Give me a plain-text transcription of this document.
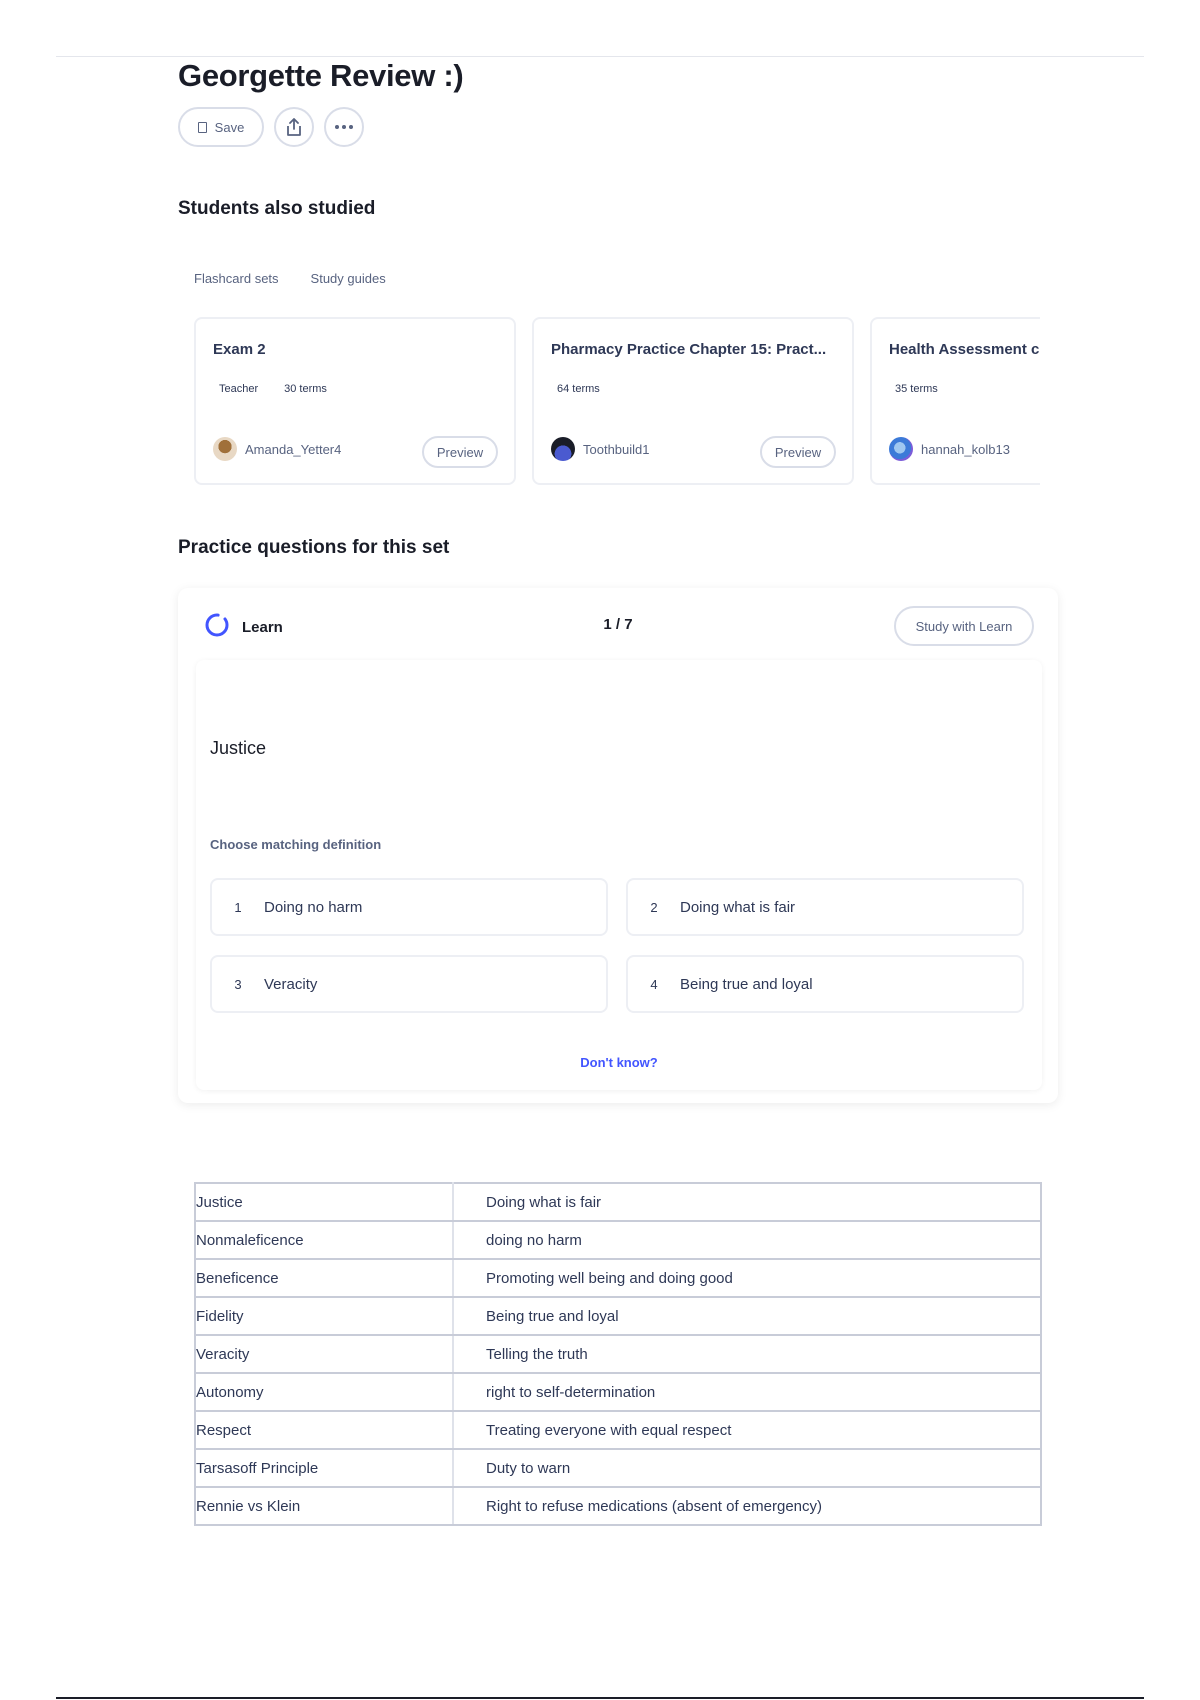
Georgette Review :)
Save
Students also studied
Flashcard sets Study guides
Exam 2
Teacher 30 terms
Amanda_Yetter4	Preview
Pharmacy Practice Chapter 15: Pract...
64 terms
Toothbuild1	Preview
Health Assessment c
35 terms
hannah_kolb13
Practice questions for this set
Learn	1 / 7	Study with Learn
Justice
Choose matching definition
1	Doing no harm	2	Doing what is fair
3	Veracity	4	Being true and loyal
Don't know?
Justice	Doing what is fair
Nonmaleficence	doing no harm
Beneficence	Promoting well being and doing good
Fidelity	Being true and loyal
Veracity	Telling the truth
Autonomy	right to self-determination
Respect	Treating everyone with equal respect
Tarsasoff Principle	Duty to warn
Rennie vs Klein	Right to refuse medications (absent of emergency)
